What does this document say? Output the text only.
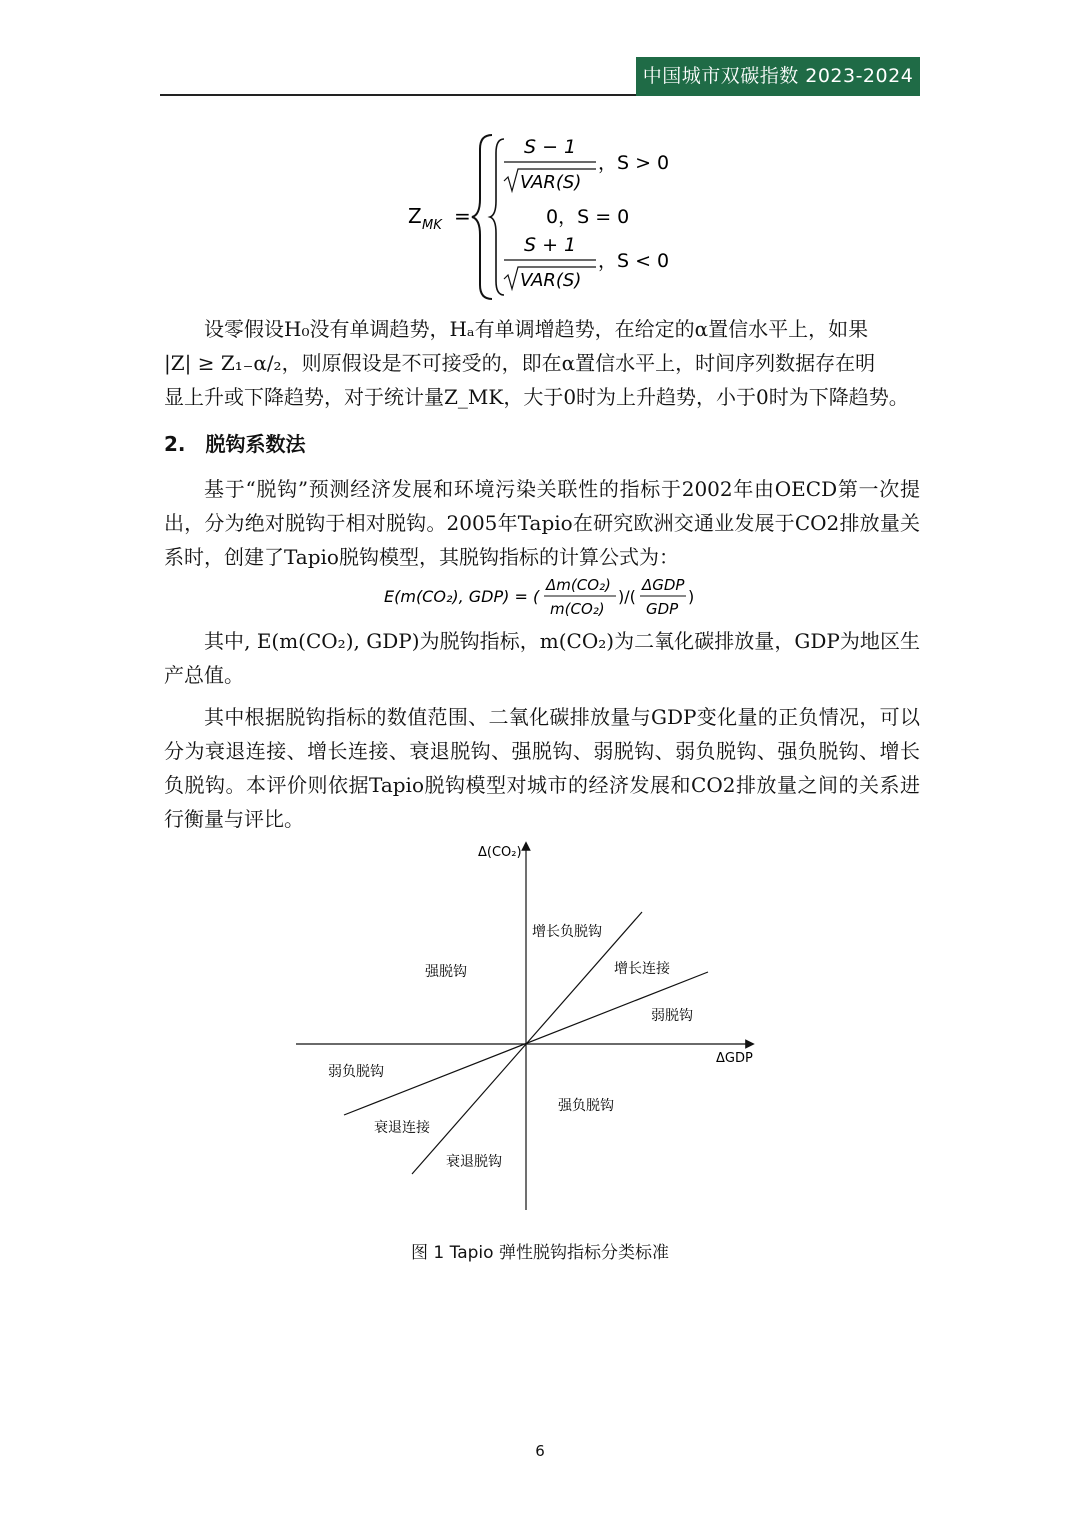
中国城市双碳指数 2023-2024
Z MK =
S − 1
VAR(S)
，S > 0
0，S = 0
S + 1
VAR(S)
，S < 0

设零假设H₀没有单调趋势，Hₐ有单调增趋势，在给定的α置信水平上，如果

|Z| ≥ Z₁₋α/₂，则原假设是不可接受的，即在α置信水平上，时间序列数据存在明

显上升或下降趋势，对于统计量Z_MK，大于0时为上升趋势，小于0时为下降趋势。

2.　脱钩系数法

基于“脱钩”预测经济发展和环境污染关联性的指标于2002年由OECD第一次提出，分为绝对脱钩于相对脱钩。2005年Tapio在研究欧洲交通业发展于CO2排放量关系时，创建了Tapio脱钩模型，其脱钩指标的计算公式为：

E(m(CO₂), GDP) = (
Δm(CO₂)
m(CO₂)
)/(
ΔGDP
GDP
)

其中, E(m(CO₂), GDP)为脱钩指标，m(CO₂)为二氧化碳排放量，GDP为地区生产总值。

其中根据脱钩指标的数值范围、二氧化碳排放量与GDP变化量的正负情况，可以分为衰退连接、增长连接、衰退脱钩、强脱钩、弱脱钩、弱负脱钩、强负脱钩、增长负脱钩。本评价则依据Tapio脱钩模型对城市的经济发展和CO2排放量之间的关系进行衡量与评比。

Δ(CO₂)
ΔGDP
增长负脱钩
增长连接
强脱钩
弱脱钩
弱负脱钩
强负脱钩
衰退连接
衰退脱钩
图 1 Tapio 弹性脱钩指标分类标准
6
